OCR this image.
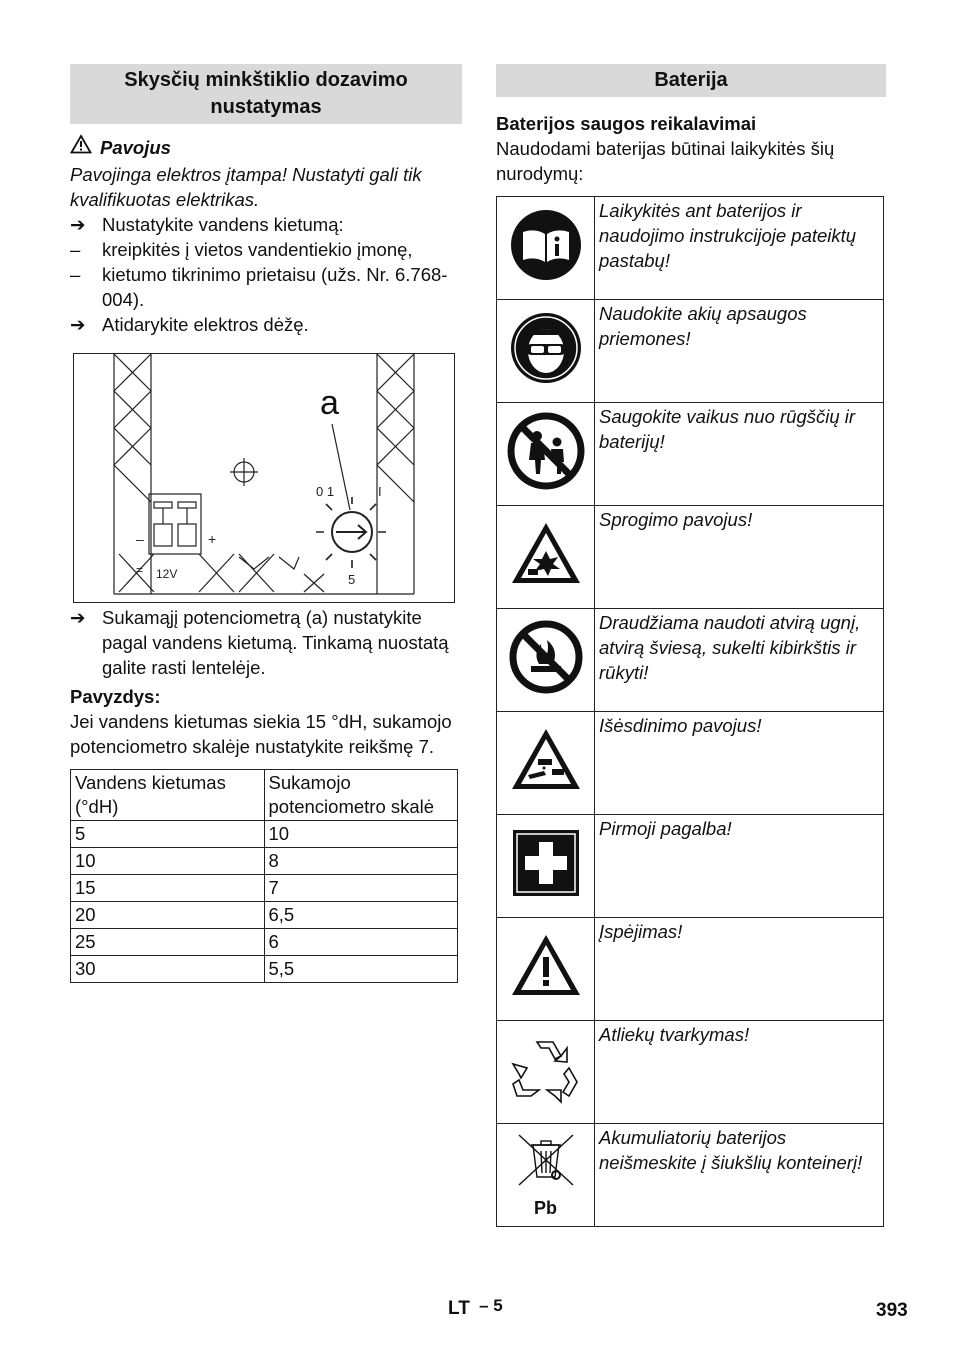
Skysčių minkštiklio dozavimo nustatymas
Pavojus
Pavojinga elektros įtampa! Nustatyti gali tik kvalifikuotas elektrikas.
➔ Nustatykite vandens kietumą:
–	kreipkitės į vietos vandentiekio įmonę,
–	kietumo tikrinimo prietaisu (užs. Nr. 6.768-004).
➔ Atidarykite elektros dėžę.
a
0 1	I
5
12V
–	+
=
➔ Sukamąjį potenciometrą (a) nustatykite pagal vandens kietumą. Tinkamą nuostatą galite rasti lentelėje.
Pavyzdys:
Jei vandens kietumas siekia 15 °dH, sukamojo potenciometro skalėje nustatykite reikšmę 7.
Vandens kietumas (°dH)	Sukamojo potenciometro skalė
5	10
10	8
15	7
20	6,5
25	6
30	5,5
Baterija
Baterijos saugos reikalavimai
Naudodami baterijas būtinai laikykitės šių nurodymų:
	Laikykitės ant baterijos ir naudojimo instrukcijoje pateiktų pastabų!
	Naudokite akių apsaugos priemones!
	Saugokite vaikus nuo rūgščių ir baterijų!
	Sprogimo pavojus!
	Draudžiama naudoti atvirą ugnį, atvirą šviesą, sukelti kibirkštis ir rūkyti!
	Išėsdinimo pavojus!
	Pirmoji pagalba!
	Įspėjimas!
	Atliekų tvarkymas!

Pb	Akumuliatorių baterijos neišmeskite į šiukšlių konteinerį!
LT – 5	393
